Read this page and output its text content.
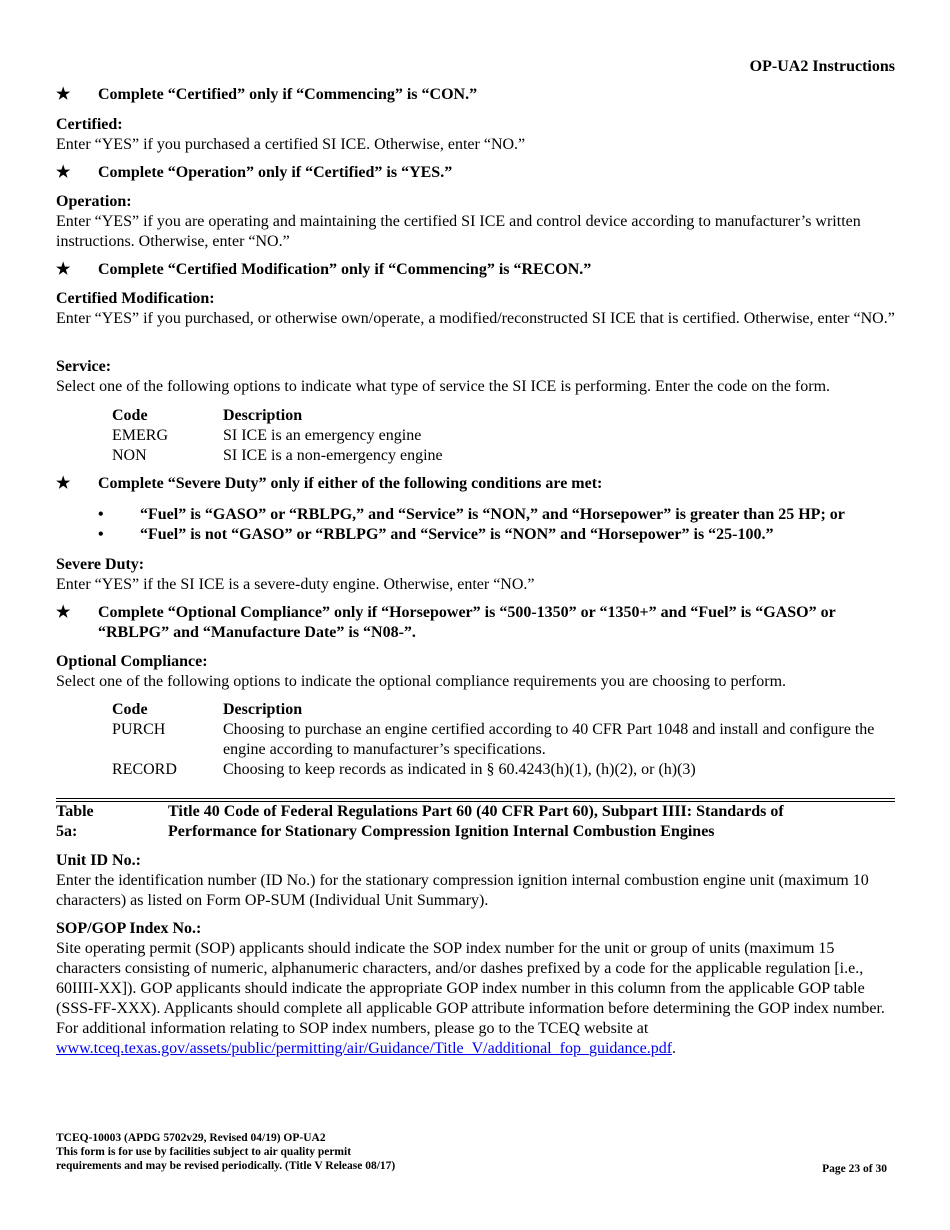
OP-UA2 Instructions
★ Complete “Certified” only if “Commencing” is “CON.”
Certified:
Enter “YES” if you purchased a certified SI ICE. Otherwise, enter “NO.”
★ Complete “Operation” only if “Certified” is “YES.”
Operation:
Enter “YES” if you are operating and maintaining the certified SI ICE and control device according to manufacturer’s written instructions. Otherwise, enter “NO.”
★ Complete “Certified Modification” only if “Commencing” is “RECON.”
Certified Modification:
Enter “YES” if you purchased, or otherwise own/operate, a modified/reconstructed SI ICE that is certified. Otherwise, enter “NO.”
Service:
Select one of the following options to indicate what type of service the SI ICE is performing. Enter the code on the form.
Code	Description
EMERG	SI ICE is an emergency engine
NON	SI ICE is a non-emergency engine
★ Complete “Severe Duty” only if either of the following conditions are met:
• “Fuel” is “GASO” or “RBLPG,” and “Service” is “NON,” and “Horsepower” is greater than 25 HP; or
• “Fuel” is not “GASO” or “RBLPG” and “Service” is “NON” and “Horsepower” is “25-100.”
Severe Duty:
Enter “YES” if the SI ICE is a severe-duty engine. Otherwise, enter “NO.”
★ Complete “Optional Compliance” only if “Horsepower” is “500-1350” or “1350+” and “Fuel” is “GASO” or “RBLPG” and “Manufacture Date” is “N08-”.
Optional Compliance:
Select one of the following options to indicate the optional compliance requirements you are choosing to perform.
Code	Description
PURCH	Choosing to purchase an engine certified according to 40 CFR Part 1048 and install and configure the engine according to manufacturer’s specifications.
RECORD	Choosing to keep records as indicated in § 60.4243(h)(1), (h)(2), or (h)(3)
Table 5a:
Title 40 Code of Federal Regulations Part 60 (40 CFR Part 60), Subpart IIII: Standards of Performance for Stationary Compression Ignition Internal Combustion Engines
Unit ID No.:
Enter the identification number (ID No.) for the stationary compression ignition internal combustion engine unit (maximum 10 characters) as listed on Form OP-SUM (Individual Unit Summary).
SOP/GOP Index No.:
Site operating permit (SOP) applicants should indicate the SOP index number for the unit or group of units (maximum 15 characters consisting of numeric, alphanumeric characters, and/or dashes prefixed by a code for the applicable regulation [i.e., 60IIII-XX]). GOP applicants should indicate the appropriate GOP index number in this column from the applicable GOP table (SSS-FF-XXX). Applicants should complete all applicable GOP attribute information before determining the GOP index number. For additional information relating to SOP index numbers, please go to the TCEQ website at www.tceq.texas.gov/assets/public/permitting/air/Guidance/Title_V/additional_fop_guidance.pdf.
TCEQ-10003 (APDG 5702v29, Revised 04/19) OP-UA2
This form is for use by facilities subject to air quality permit
requirements and may be revised periodically. (Title V Release 08/17)	Page 23 of 30
